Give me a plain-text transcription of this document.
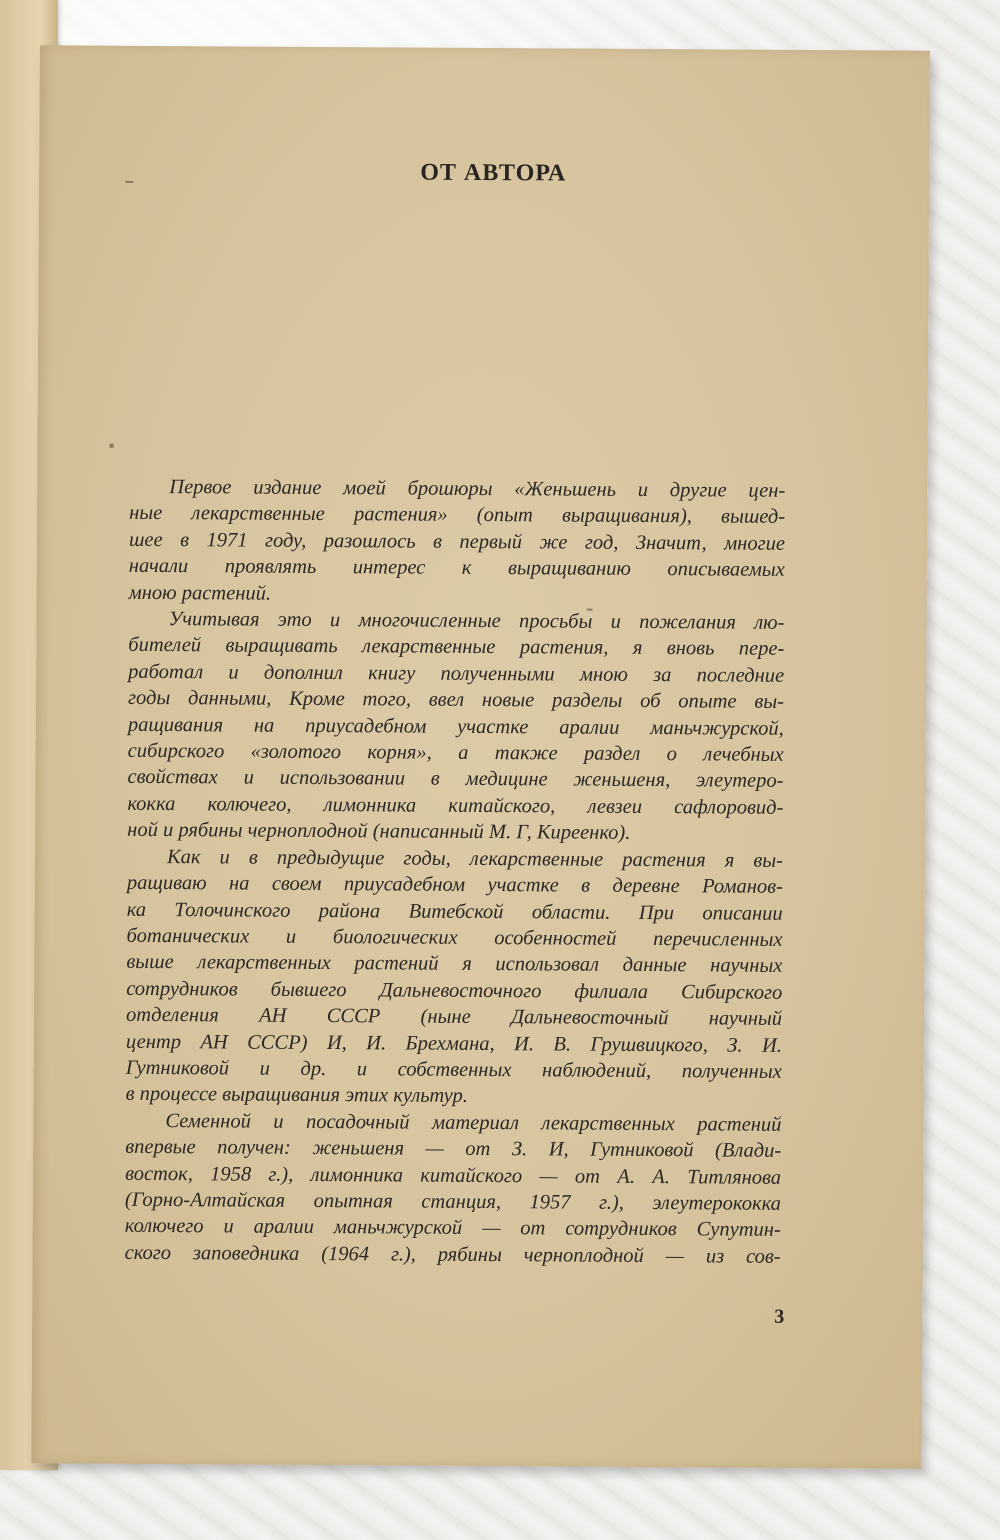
ОТ АВТОРА

Первое издание моей брошюры «Женьшень и другие цен-
ные лекарственные растения» (опыт выращивания), вышед-
шее в 1971 году, разошлось в первый же год, Значит, многие
начали проявлять интерес к выращиванию описываемых
мною растений.

Учитывая это и многочисленные просьбы и пожелания лю-
бителей выращивать лекарственные растения, я вновь пере-
работал и дополнил книгу полученными мною за последние
годы данными, Кроме того, ввел новые разделы об опыте вы-
ращивания на приусадебном участке аралии маньчжурской,
сибирского «золотого корня», а также раздел о лечебных
свойствах и использовании в медицине женьшеня, элеутеро-
кокка колючего, лимонника китайского, левзеи сафлоровид-
ной и рябины черноплодной (написанный М. Г, Киреенко).

Как и в предыдущие годы, лекарственные растения я вы-
ращиваю на своем приусадебном участке в деревне Романов-
ка Толочинского района Витебской области. При описании
ботанических и биологических особенностей перечисленных
выше лекарственных растений я использовал данные научных
сотрудников бывшего Дальневосточного филиала Сибирского
отделения АН СССР (ныне Дальневосточный научный
центр АН СССР) И, И. Брехмана, И. В. Грушвицкого, З. И.
Гутниковой и др. и собственных наблюдений, полученных
в процессе выращивания этих культур.

Семенной и посадочный материал лекарственных растений
впервые получен: женьшеня — от З. И, Гутниковой (Влади-
восток, 1958 г.), лимонника китайского — от А. А. Титлянова
(Горно-Алтайская опытная станция, 1957 г.), элеутерококка
колючего и аралии маньчжурской — от сотрудников Супутин-
ского заповедника (1964 г.), рябины черноплодной — из сов-

3
